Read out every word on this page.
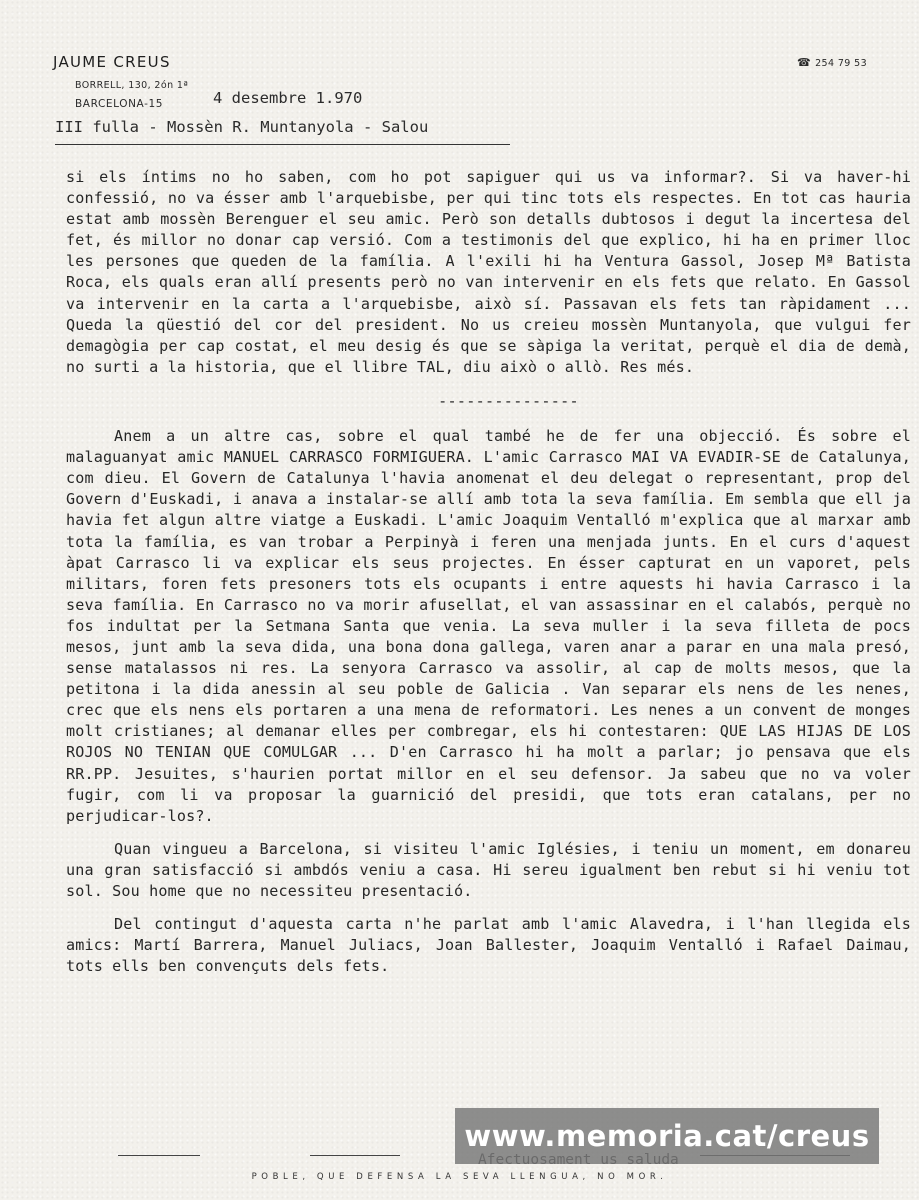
JAUME CREUS
BORRELL, 130, 2ón 1ª
BARCELONA-15
☎ 254 79 53
4 desembre 1.970
III fulla - Mossèn R. Muntanyola - Salou

si els íntims no ho saben, com ho pot sapiguer qui us va informar?. Si va haver-hi confessió, no va ésser amb l'arquebisbe, per qui tinc tots els respectes. En tot cas hauria estat amb mossèn Berenguer el seu amic. Però son detalls dubtosos i degut la incertesa del fet, és millor no donar cap versió. Com a testimonis del que explico, hi ha en primer lloc les persones que queden de la família. A l'exili hi ha Ventura Gassol, Josep Mª Batista Roca, els quals eran allí presents però no van intervenir en els fets que relato. En Gassol va intervenir en la carta a l'arquebisbe, això sí. Passavan els fets tan ràpidament ... Queda la qüestió del cor del president. No us creieu mossèn Muntanyola, que vulgui fer demagògia per cap costat, el meu desig és que se sàpiga la veritat, perquè el dia de demà, no surti a la historia, que el llibre TAL, diu això o allò. Res més.

---------------

Anem a un altre cas, sobre el qual també he de fer una objecció. És sobre el malaguanyat amic MANUEL CARRASCO FORMIGUERA. L'amic Carrasco MAI VA EVADIR-SE de Catalunya, com dieu. El Govern de Catalunya l'havia anomenat el deu delegat o representant, prop del Govern d'Euskadi, i anava a instalar-se allí amb tota la seva família. Em sembla que ell ja havia fet algun altre viatge a Euskadi. L'amic Joaquim Ventalló m'explica que al marxar amb tota la família, es van trobar a Perpinyà i feren una menjada junts. En el curs d'aquest àpat Carrasco li va explicar els seus projectes. En ésser capturat en un vaporet, pels militars, foren fets presoners tots els ocupants i entre aquests hi havia Carrasco i la seva família. En Carrasco no va morir afusellat, el van assassinar en el calabós, perquè no fos indultat per la Setmana Santa que venia. La seva muller i la seva filleta de pocs mesos, junt amb la seva dida, una bona dona gallega, varen anar a parar en una mala presó, sense matalassos ni res. La senyora Carrasco va assolir, al cap de molts mesos, que la petitona i la dida anessin al seu poble de Galicia . Van separar els nens de les nenes, crec que els nens els portaren a una mena de reformatori. Les nenes a un convent de monges molt cristianes; al demanar elles per combregar, els hi contestaren: QUE LAS HIJAS DE LOS ROJOS NO TENIAN QUE COMULGAR ... D'en Carrasco hi ha molt a parlar; jo pensava que els RR.PP. Jesuites, s'haurien portat millor en el seu defensor. Ja sabeu que no va voler fugir, com li va proposar la guarnició del presidi, que tots eran catalans, per no perjudicar-los?.

Quan vingueu a Barcelona, si visiteu l'amic Iglésies, i teniu un moment, em donareu una gran satisfacció si ambdós veniu a casa. Hi sereu igualment ben rebut si hi veniu tot sol. Sou home que no necessiteu presentació.

Del contingut d'aquesta carta n'he parlat amb l'amic Alavedra, i l'han llegida els amics: Martí Barrera, Manuel Juliacs, Joan Ballester, Joaquim Ventalló i Rafael Daimau, tots ells ben convençuts dels fets.

POBLE, QUE DEFENSA LA SEVA LLENGUA, NO MOR.
www.memoria.cat/creus
